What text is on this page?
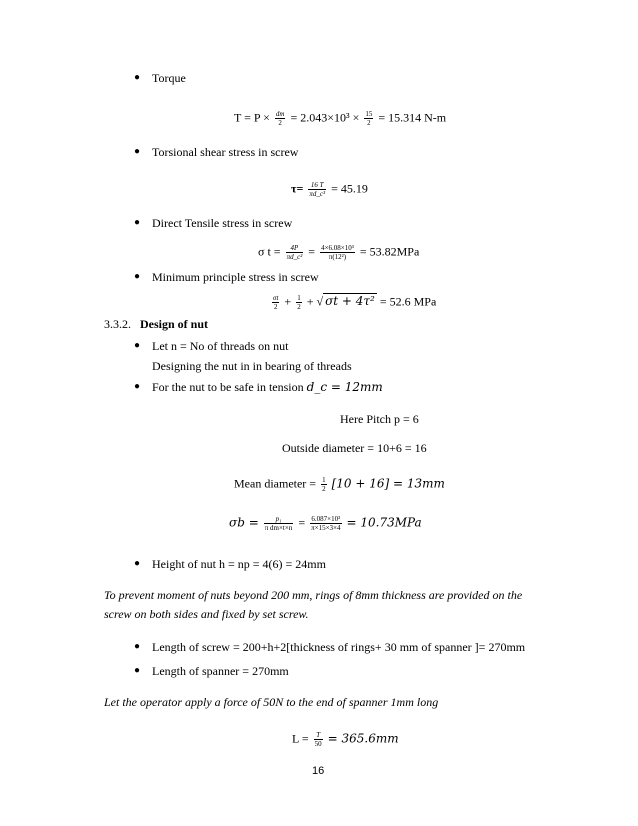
● Torque
$T = P \times \frac{dm}{2} = 2.043\times 10^3 \times \frac{15}{2} = 15.314$ N-m
● Torsional shear stress in screw
$\tau= \frac{16 T}{\text{πd\_c³}} = 45.19$
● Direct Tensile stress in screw
σ $t = \frac{4P}{\text{πd\_c²}} = \frac{\text{4×6.08×10³}}{\text{π(12²)}} = 53.82MPa$
● Minimum principle stress in screw
$\frac{\sigma t}{2} + \frac{1}{2}$ + √ σt + 4τ² = 52.6 MPa
3.3.2. Design of nut
● Let n = No of threads on nut
Designing the nut in in bearing of threads
● For the nut to be safe in tension d_c = 12mm
Here Pitch p = 6
Outside diameter = 10+6 = 16
Mean diameter = $\frac{1}{2} [10 + 16] = 13mm$
$\sigma b = \frac{\text{p₁}}{\text{π dm×t×n}} = \frac{\text{6.087×10³}}{\pi\times 15\times 3\times 4} = 10.73MPa$
● Height of nut h = np = 4(6) = 24mm
To prevent moment of nuts beyond 200 mm, rings of 8mm thickness are provided on the
screw on both sides and fixed by set screw.
● Length of screw = 200+h+2[thickness of rings+ 30 mm of spanner ]= 270mm
● Length of spanner = 270mm
Let the operator apply a force of 50N to the end of spanner 1mm long
$L = \frac{T}{50} = 365.6mm$
16
